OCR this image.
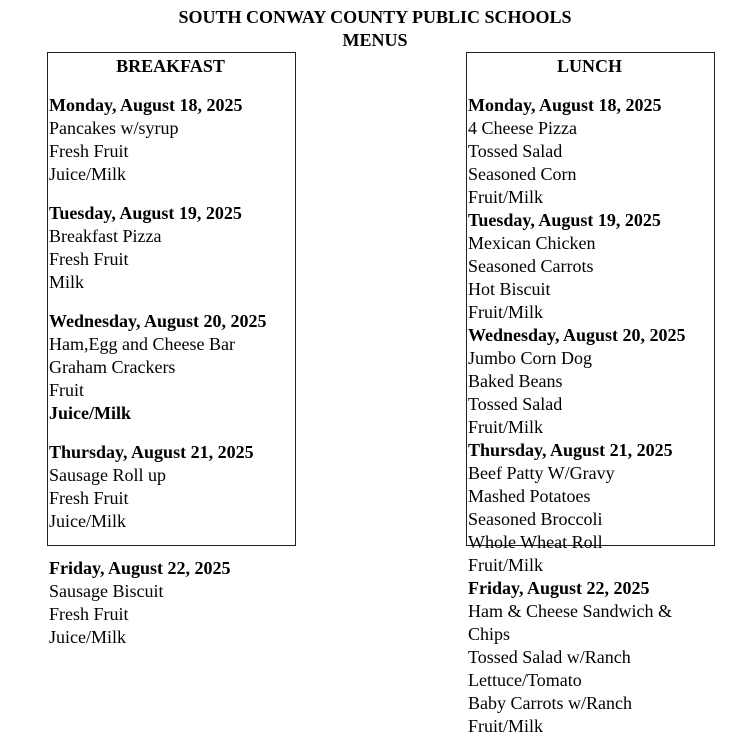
SOUTH CONWAY COUNTY PUBLIC SCHOOLS
MENUS
BREAKFAST
Monday, August 18, 2025
Pancakes w/syrup
Fresh Fruit
Juice/Milk
Tuesday, August 19, 2025
Breakfast Pizza
Fresh Fruit
Milk
Wednesday, August 20, 2025
Ham,Egg and Cheese Bar
Graham Crackers
Fruit
Juice/Milk
Thursday, August 21, 2025
Sausage Roll up
Fresh Fruit
Juice/Milk
Friday, August 22, 2025
Sausage Biscuit
Fresh Fruit
Juice/Milk
LUNCH
Monday, August 18, 2025
4 Cheese Pizza
Tossed Salad
Seasoned Corn
Fruit/Milk
Tuesday, August 19, 2025
Mexican Chicken
Seasoned Carrots
Hot Biscuit
Fruit/Milk
Wednesday, August 20, 2025
Jumbo Corn Dog
Baked Beans
Tossed Salad
Fruit/Milk
Thursday, August 21, 2025
Beef Patty W/Gravy
Mashed Potatoes
Seasoned Broccoli
Whole Wheat Roll
Fruit/Milk
Friday, August 22, 2025
Ham & Cheese Sandwich &
Chips
Tossed Salad w/Ranch
Lettuce/Tomato
Baby Carrots w/Ranch
Fruit/Milk
